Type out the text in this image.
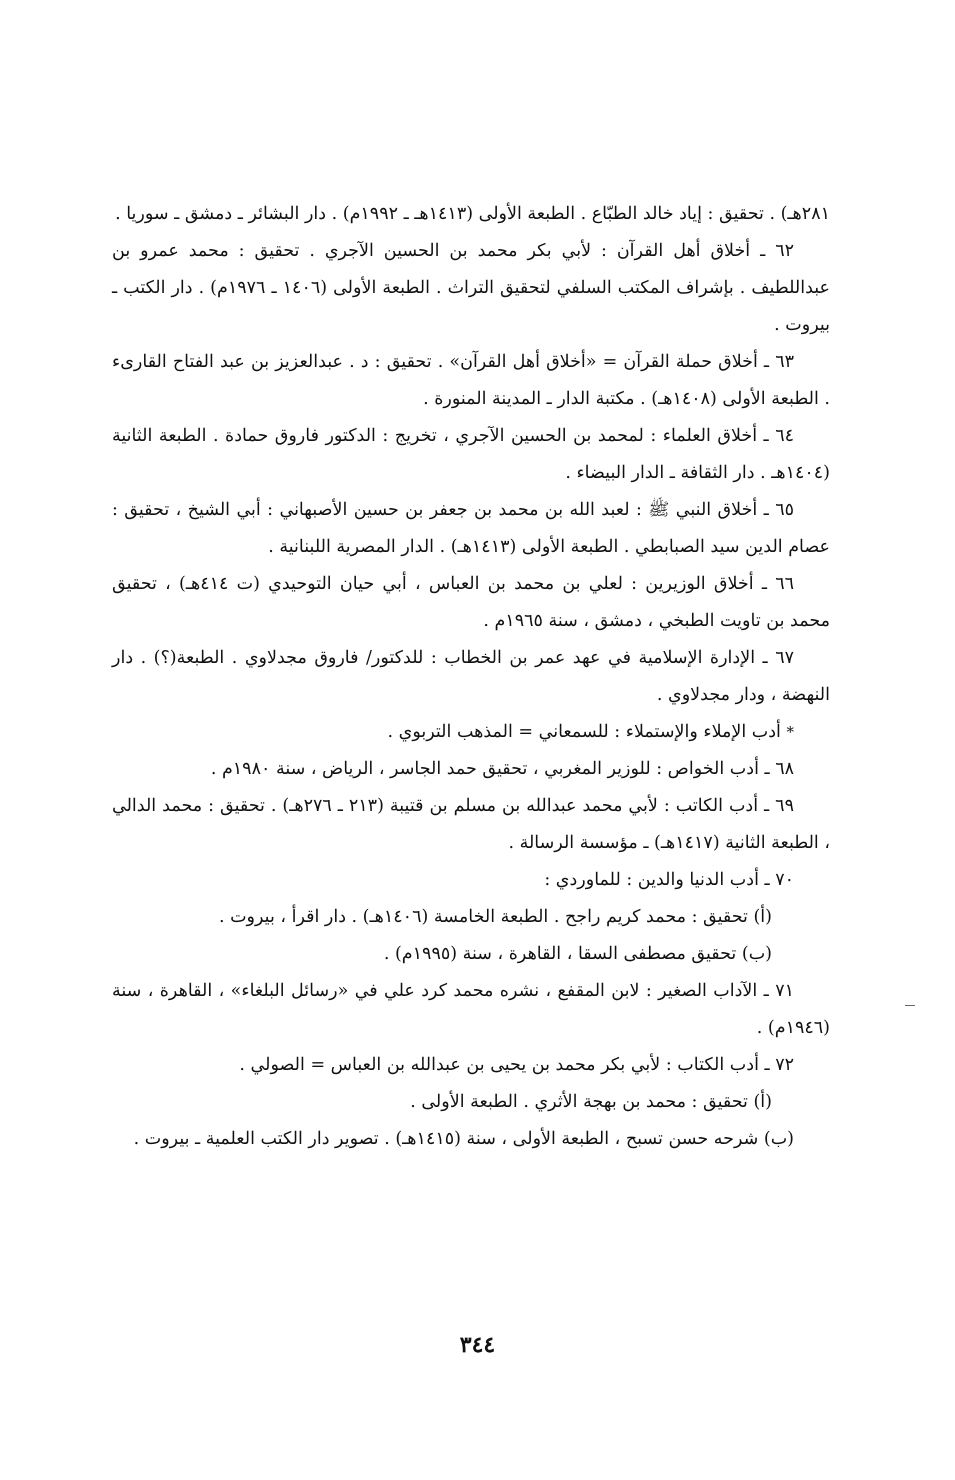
٢٨١هـ) . تحقيق : إياد خالد الطبّاع . الطبعة الأولى (١٤١٣هـ ـ ١٩٩٢م) . دار البشائر ـ دمشق ـ سوريا .

٦٢ ـ أخلاق أهل القرآن : لأبي بكر محمد بن الحسين الآجري . تحقيق : محمد عمرو بن عبداللطيف . بإشراف المكتب السلفي لتحقيق التراث . الطبعة الأولى (١٤٠٦ ـ ١٩٧٦م) . دار الكتب ـ بيروت .

٦٣ ـ أخلاق حملة القرآن = «أخلاق أهل القرآن» . تحقيق : د . عبدالعزيز بن عبد الفتاح القارىء . الطبعة الأولى (١٤٠٨هـ) . مكتبة الدار ـ المدينة المنورة .

٦٤ ـ أخلاق العلماء : لمحمد بن الحسين الآجري ، تخريج : الدكتور فاروق حمادة . الطبعة الثانية (١٤٠٤هـ . دار الثقافة ـ الدار البيضاء .

٦٥ ـ أخلاق النبي ﷺ : لعبد الله بن محمد بن جعفر بن حسين الأصبهاني : أبي الشيخ ، تحقيق : عصام الدين سيد الصبابطي . الطبعة الأولى (١٤١٣هـ) . الدار المصرية اللبنانية .

٦٦ ـ أخلاق الوزيرين : لعلي بن محمد بن العباس ، أبي حيان التوحيدي (ت ٤١٤هـ) ، تحقيق محمد بن تاويت الطبخي ، دمشق ، سنة ١٩٦٥م .

٦٧ ـ الإدارة الإسلامية في عهد عمر بن الخطاب : للدكتور/ فاروق مجدلاوي . الطبعة(؟) . دار النهضة ، ودار مجدلاوي .

* أدب الإملاء والإستملاء : للسمعاني = المذهب التربوي .

٦٨ ـ أدب الخواص : للوزير المغربي ، تحقيق حمد الجاسر ، الرياض ، سنة ١٩٨٠م .

٦٩ ـ أدب الكاتب : لأبي محمد عبدالله بن مسلم بن قتيبة (٢١٣ ـ ٢٧٦هـ) . تحقيق : محمد الدالي ، الطبعة الثانية (١٤١٧هـ) ـ مؤسسة الرسالة .

٧٠ ـ أدب الدنيا والدين : للماوردي :

(أ) تحقيق : محمد كريم راجح . الطبعة الخامسة (١٤٠٦هـ) . دار اقرأ ، بيروت .

(ب) تحقيق مصطفى السقا ، القاهرة ، سنة (١٩٩٥م) .

٧١ ـ الآداب الصغير : لابن المقفع ، نشره محمد كرد علي في «رسائل البلغاء» ، القاهرة ، سنة (١٩٤٦م) .

٧٢ ـ أدب الكتاب : لأبي بكر محمد بن يحيى بن عبدالله بن العباس = الصولي .

(أ) تحقيق : محمد بن بهجة الأثري . الطبعة الأولى .

(ب) شرحه حسن تسبح ، الطبعة الأولى ، سنة (١٤١٥هـ) . تصوير دار الكتب العلمية ـ بيروت .

٣٤٤
